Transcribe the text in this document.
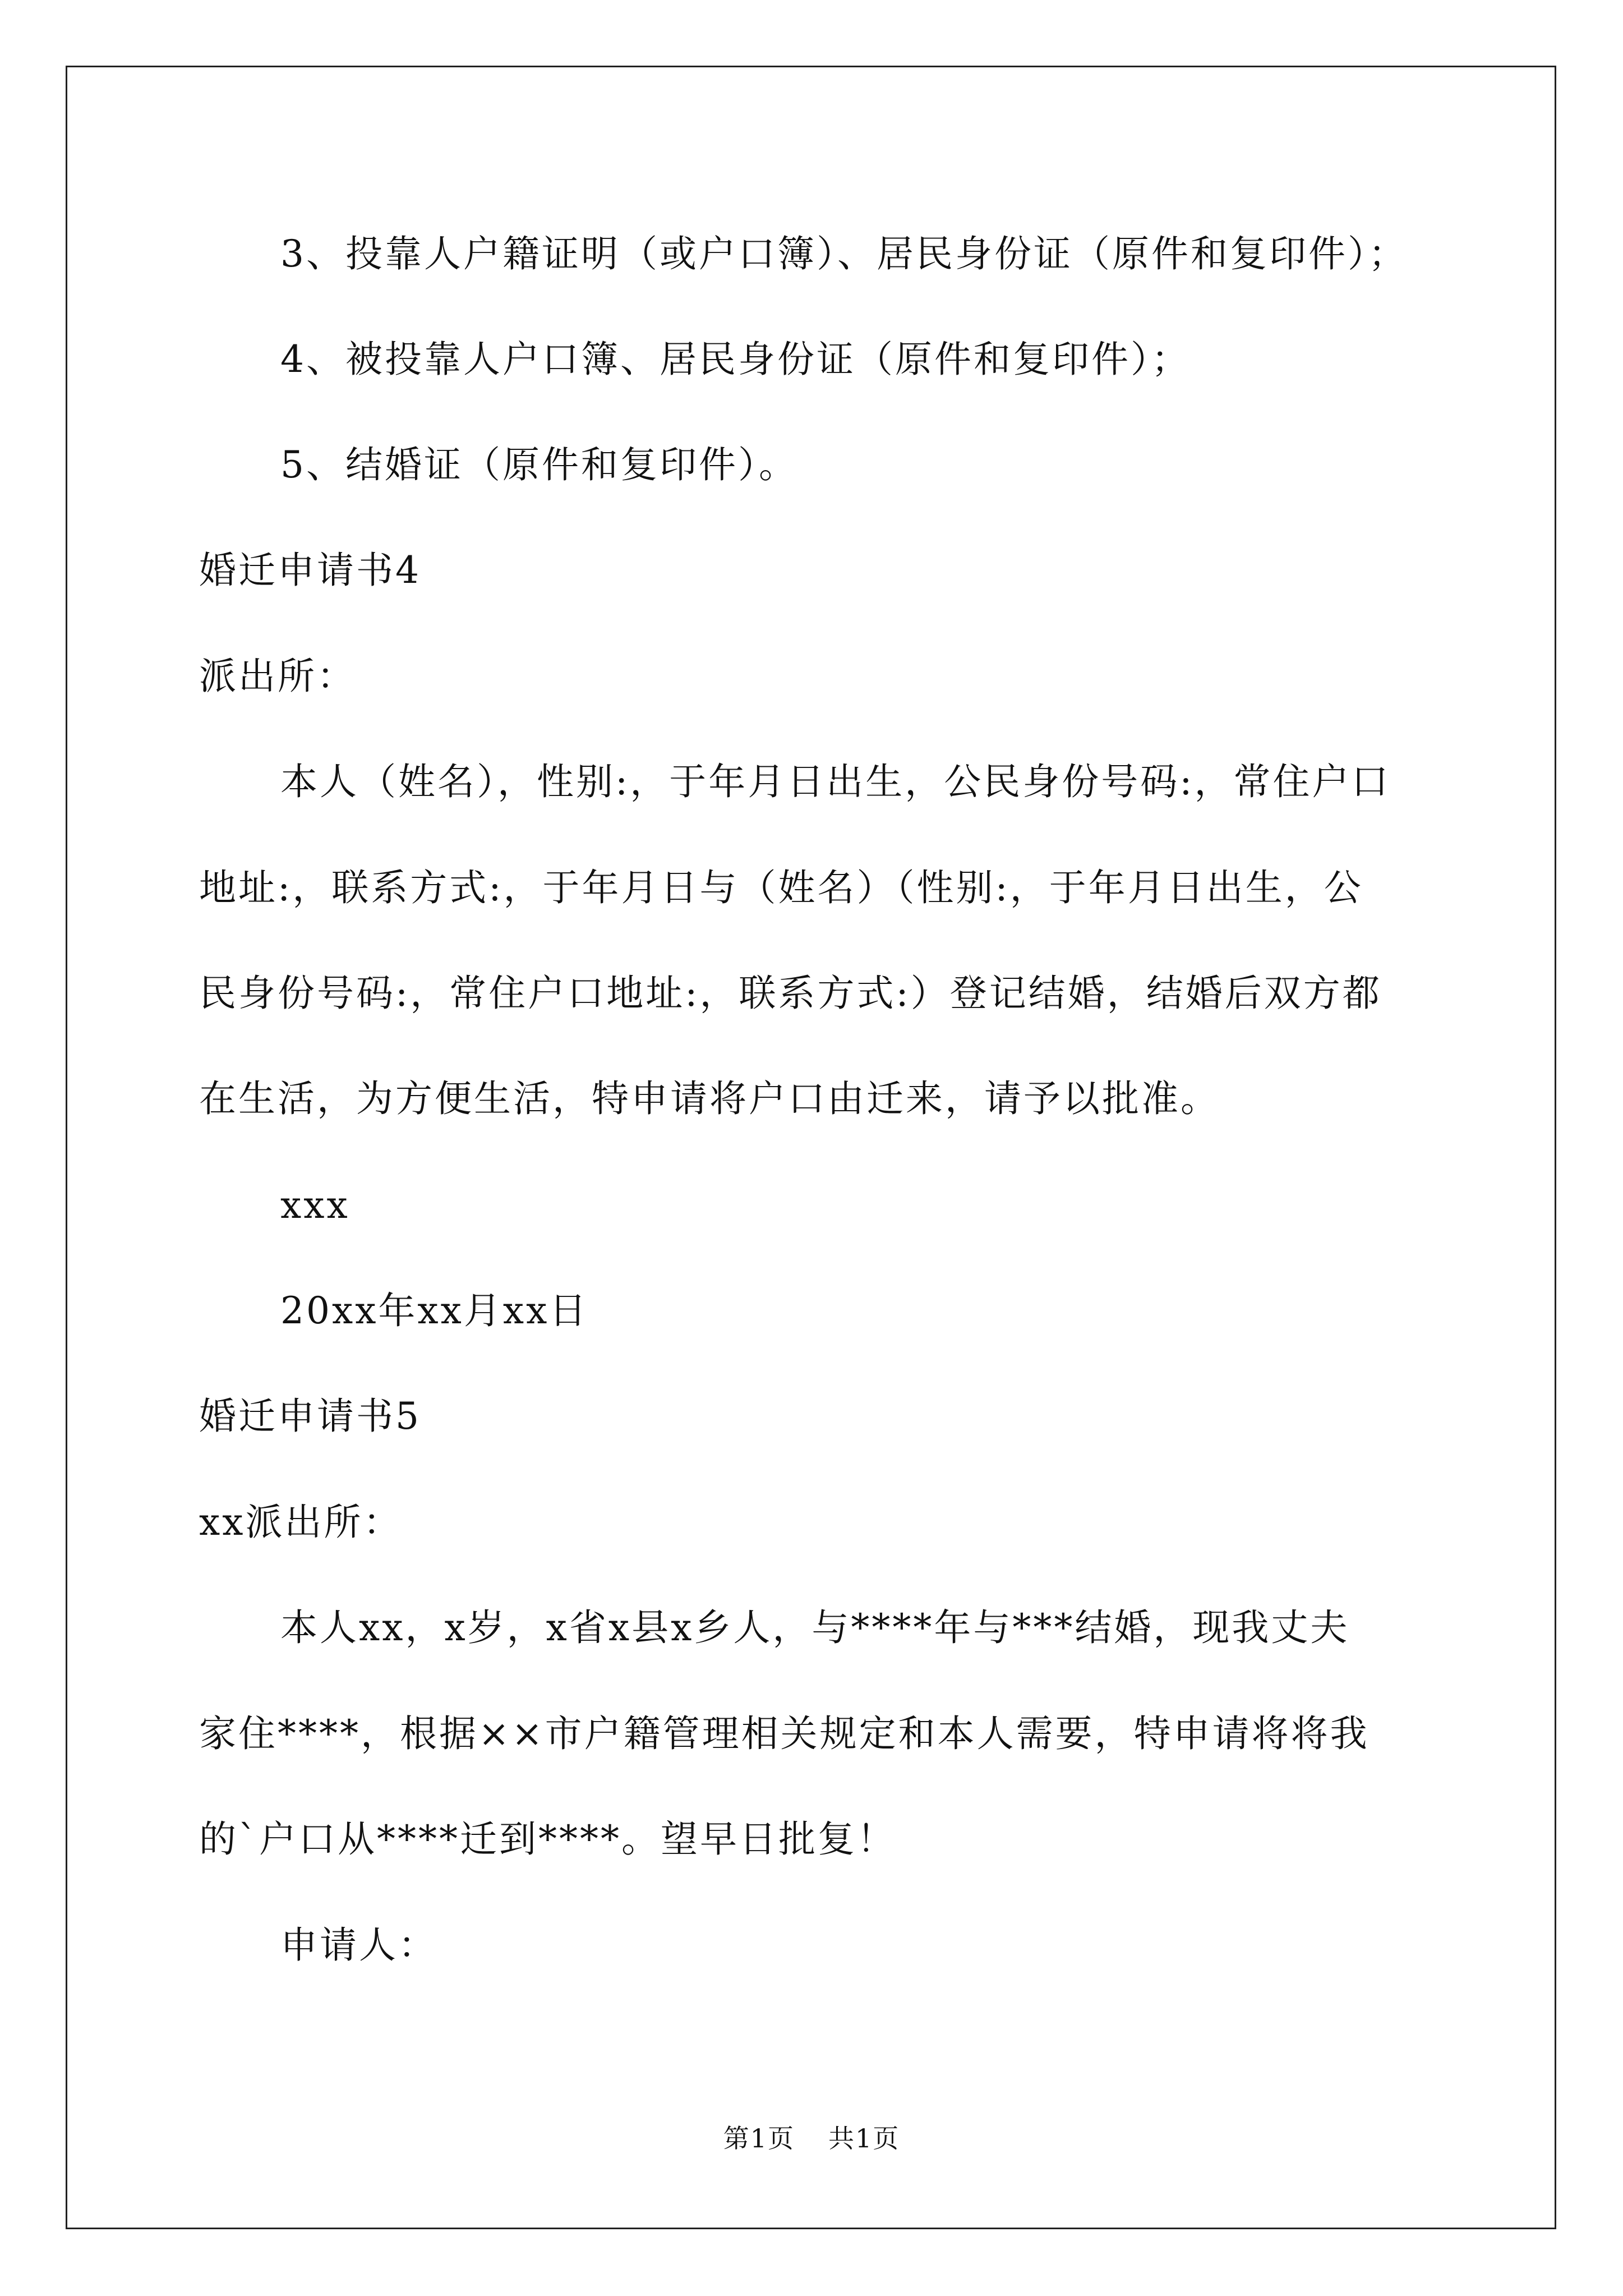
3、投靠人户籍证明（或户口簿）、居民身份证（原件和复印件）；
4、被投靠人户口簿、居民身份证（原件和复印件）；
5、结婚证（原件和复印件）。
婚迁申请书4
派出所：
本人（姓名），性别:，于年月日出生，公民身份号码:，常住户口
地址:，联系方式:，于年月日与（姓名）（性别:，于年月日出生，公
民身份号码:，常住户口地址:，联系方式:）登记结婚，结婚后双方都
在生活，为方便生活，特申请将户口由迁来，请予以批准。
xxx
20xx年xx月xx日
婚迁申请书5
xx派出所：
本人xx，x岁，x省x县x乡人，与****年与***结婚，现我丈夫
家住****，根据××市户籍管理相关规定和本人需要，特申请将将我
的`户口从****迁到****。望早日批复！
申请人：
第1页 共1页
